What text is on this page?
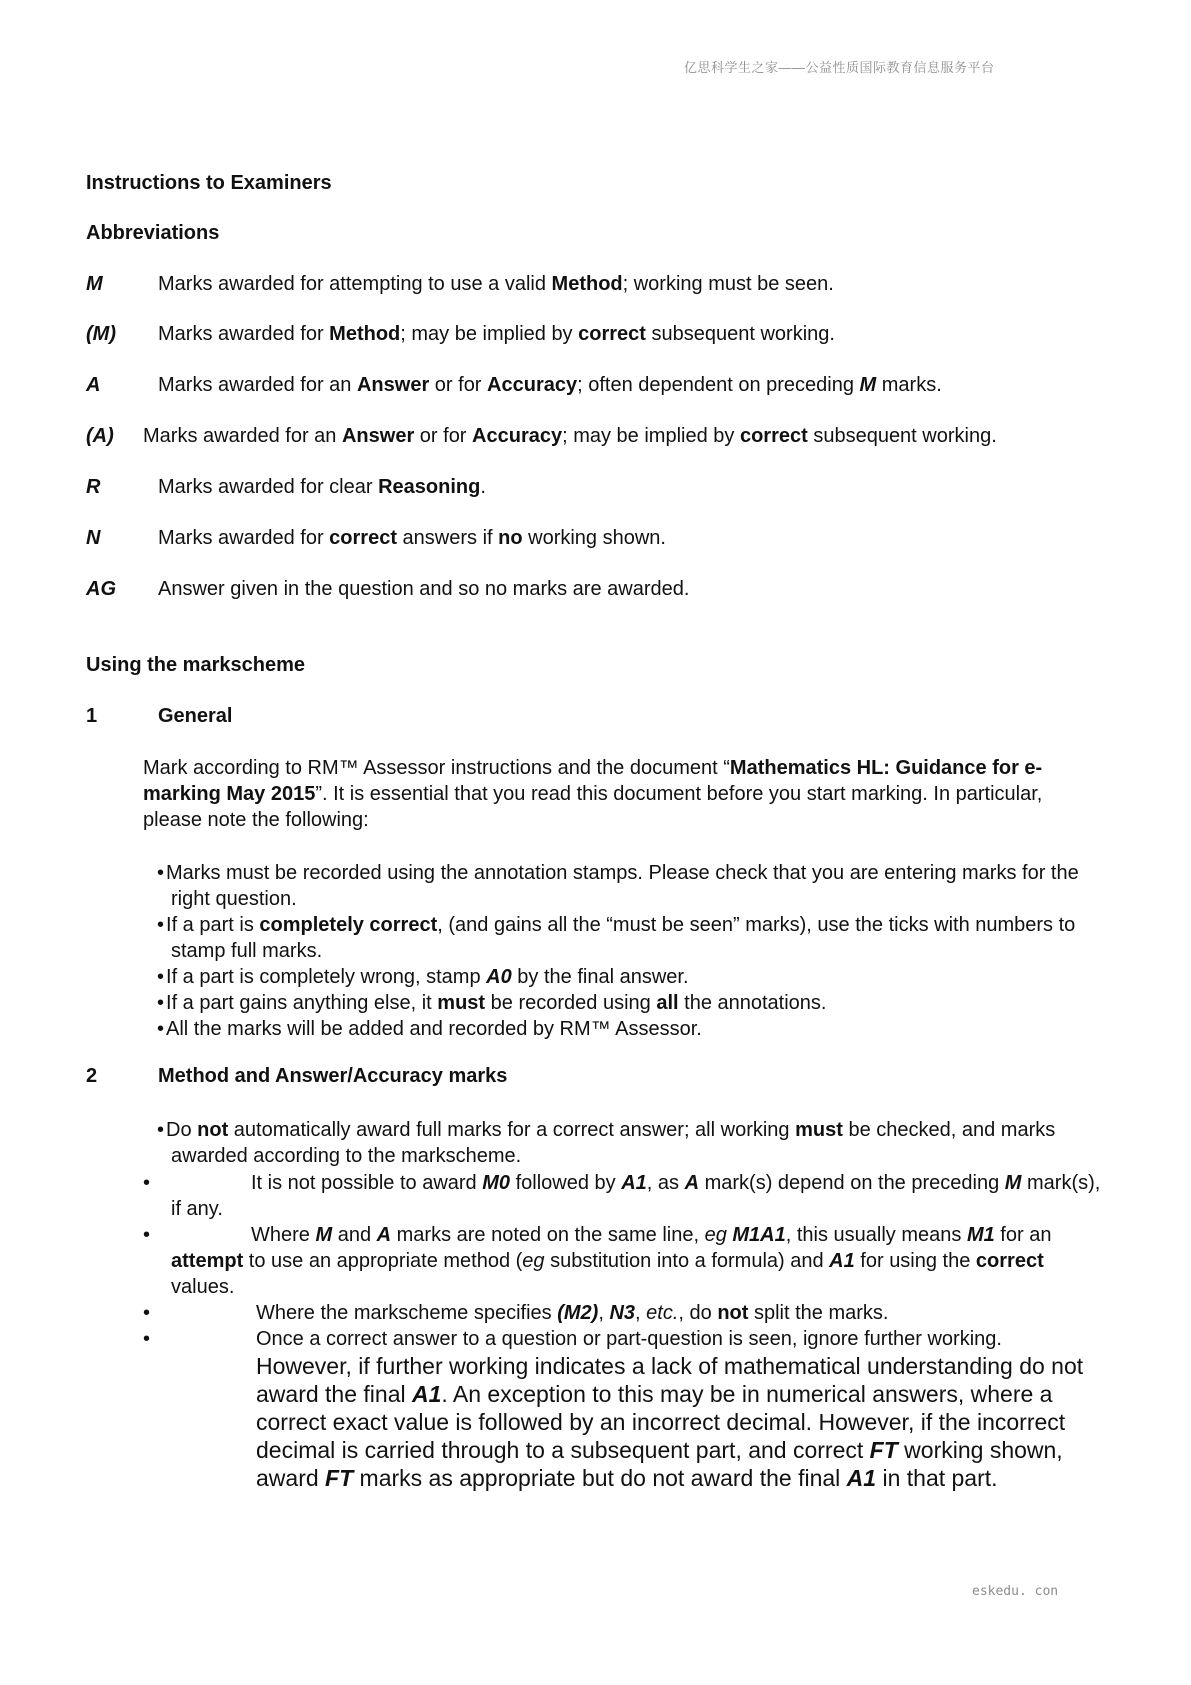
亿思科学生之家——公益性质国际教育信息服务平台
Instructions to Examiners
Abbreviations
M	Marks awarded for attempting to use a valid Method; working must be seen.
(M) Marks awarded for Method; may be implied by correct subsequent working.
A	Marks awarded for an Answer or for Accuracy; often dependent on preceding M marks.
(A) Marks awarded for an Answer or for Accuracy; may be implied by correct subsequent working.
R	Marks awarded for clear Reasoning.
N	Marks awarded for correct answers if no working shown.
AG Answer given in the question and so no marks are awarded.
Using the markscheme
1	General
Mark according to RM™ Assessor instructions and the document “Mathematics HL: Guidance for e-marking May 2015”. It is essential that you read this document before you start marking. In particular, please note the following:
• Marks must be recorded using the annotation stamps. Please check that you are entering marks for the right question.
• If a part is completely correct, (and gains all the “must be seen” marks), use the ticks with numbers to stamp full marks.
• If a part is completely wrong, stamp A0 by the final answer.
• If a part gains anything else, it must be recorded using all the annotations.
• All the marks will be added and recorded by RM™ Assessor.
2	Method and Answer/Accuracy marks
• Do not automatically award full marks for a correct answer; all working must be checked, and marks awarded according to the markscheme.
•	It is not possible to award M0 followed by A1, as A mark(s) depend on the preceding M mark(s), if any.
•	Where M and A marks are noted on the same line, eg M1A1, this usually means M1 for an attempt to use an appropriate method (eg substitution into a formula) and A1 for using the correct values.
•	Where the markscheme specifies (M2), N3, etc., do not split the marks.
•	Once a correct answer to a question or part-question is seen, ignore further working.
However, if further working indicates a lack of mathematical understanding do not award the final A1. An exception to this may be in numerical answers, where a correct exact value is followed by an incorrect decimal. However, if the incorrect decimal is carried through to a subsequent part, and correct FT working shown, award FT marks as appropriate but do not award the final A1 in that part.
eskedu. con
